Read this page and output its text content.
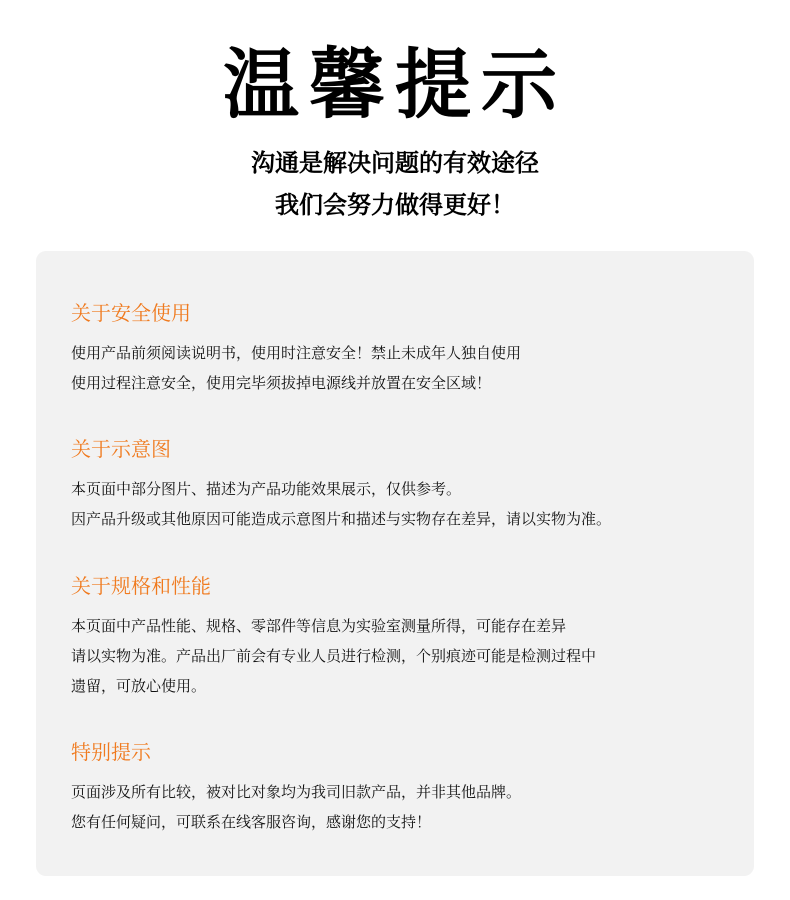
温馨提示
沟通是解决问题的有效途径
我们会努力做得更好！
关于安全使用
使用产品前须阅读说明书，使用时注意安全！禁止未成年人独自使用
使用过程注意安全，使用完毕须拔掉电源线并放置在安全区域！
关于示意图
本页面中部分图片、描述为产品功能效果展示，仅供参考。
因产品升级或其他原因可能造成示意图片和描述与实物存在差异，请以实物为准。
关于规格和性能
本页面中产品性能、规格、零部件等信息为实验室测量所得，可能存在差异
请以实物为准。产品出厂前会有专业人员进行检测，个别痕迹可能是检测过程中
遗留，可放心使用。
特别提示
页面涉及所有比较，被对比对象均为我司旧款产品，并非其他品牌。
您有任何疑问，可联系在线客服咨询，感谢您的支持！
